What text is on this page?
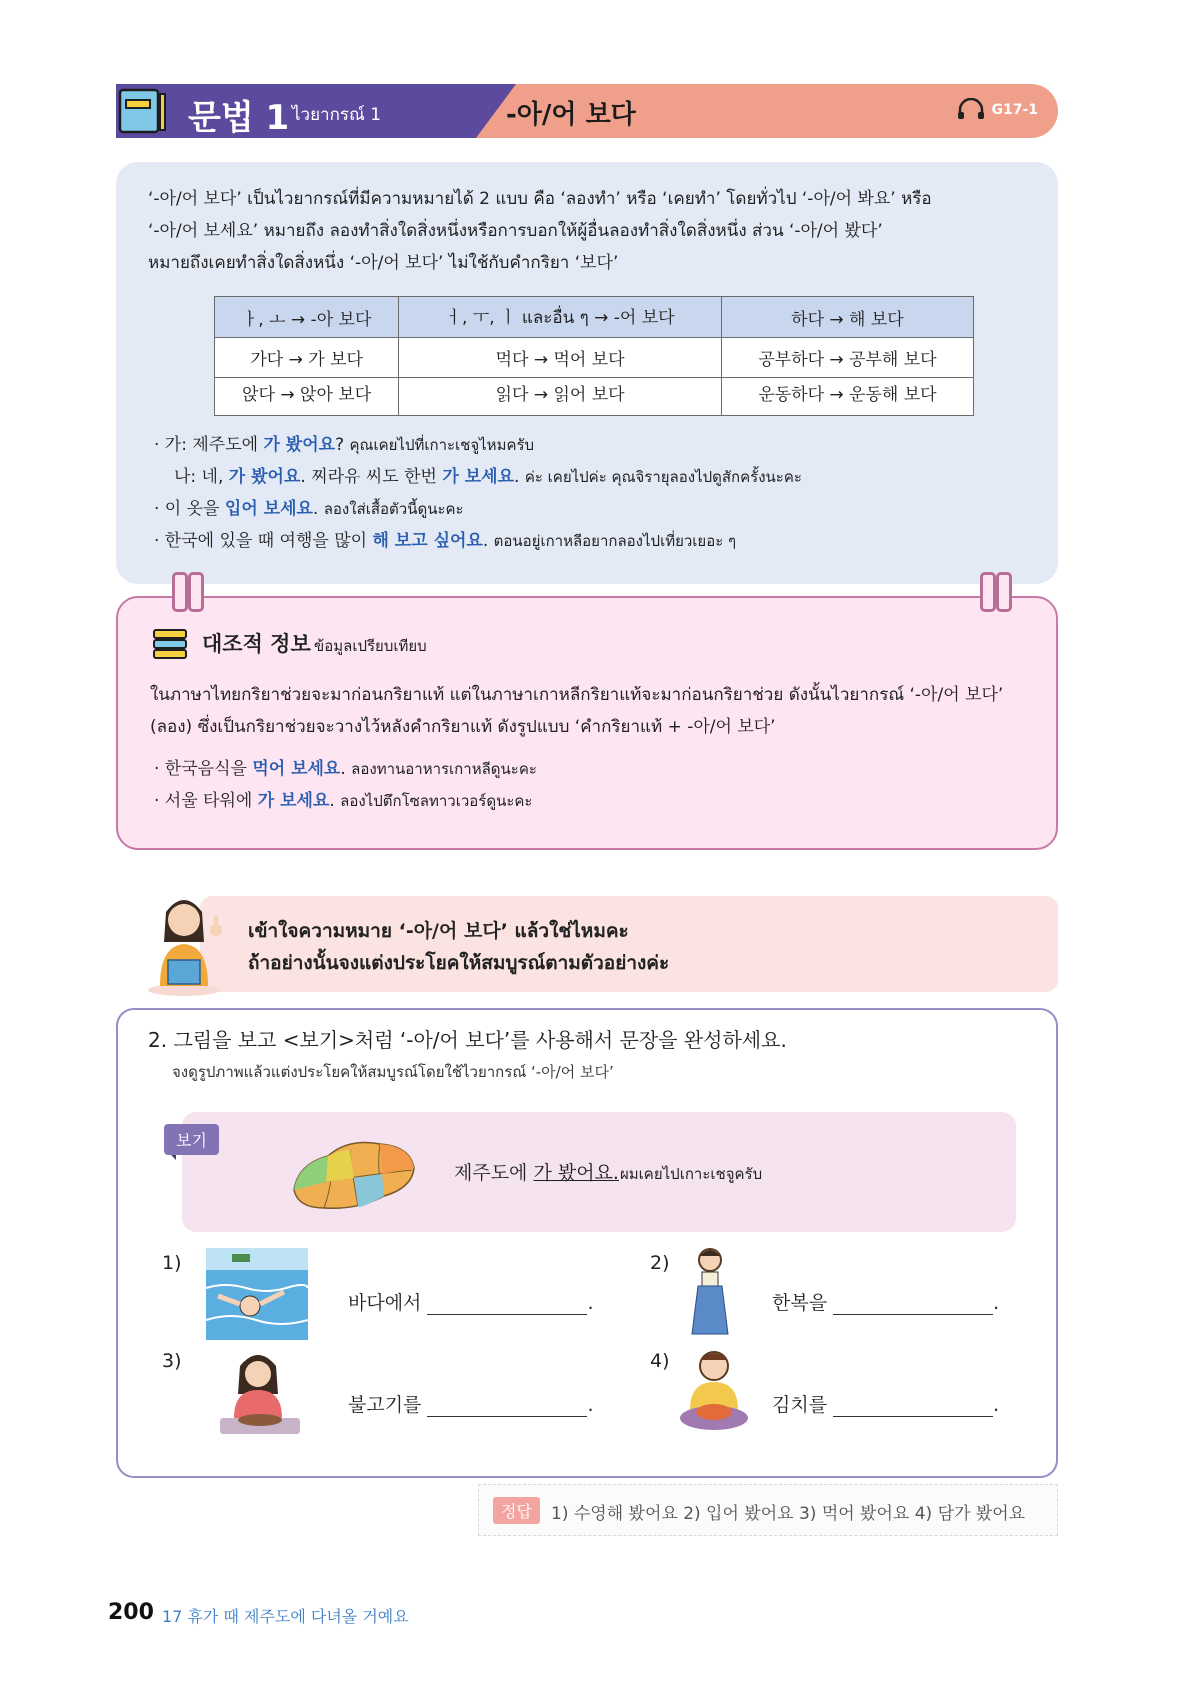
문법 1 ไวยากรณ์ 1	-아/어 보다	G17-1
‘-아/어 보다’ เป็นไวยากรณ์ที่มีความหมายได้ 2 แบบ คือ ‘ลองทำ’ หรือ ‘เคยทำ’ โดยทั่วไป ‘-아/어 봐요’ หรือ
‘-아/어 보세요’ หมายถึง ลองทำสิ่งใดสิ่งหนึ่งหรือการบอกให้ผู้อื่นลองทำสิ่งใดสิ่งหนึ่ง ส่วน ‘-아/어 봤다’
หมายถึงเคยทำสิ่งใดสิ่งหนึ่ง ‘-아/어 보다’ ไม่ใช้กับคำกริยา ‘보다’
ㅏ, ㅗ → -아 보다	ㅓ, ㅜ, ㅣ และอื่น ๆ → -어 보다	하다 → 해 보다
가다 → 가 보다	먹다 → 먹어 보다	공부하다 → 공부해 보다
앉다 → 앉아 보다	읽다 → 읽어 보다	운동하다 → 운동해 보다
· 가: 제주도에 가 봤어요? คุณเคยไปที่เกาะเชจูไหมครับ
나: 네, 가 봤어요. 찌라유 씨도 한번 가 보세요. ค่ะ เคยไปค่ะ คุณจิรายุลองไปดูสักครั้งนะคะ
· 이 옷을 입어 보세요. ลองใส่เสื้อตัวนี้ดูนะคะ
· 한국에 있을 때 여행을 많이 해 보고 싶어요. ตอนอยู่เกาหลีอยากลองไปเที่ยวเยอะ ๆ
대조적 정보 ข้อมูลเปรียบเทียบ
ในภาษาไทยกริยาช่วยจะมาก่อนกริยาแท้ แต่ในภาษาเกาหลีกริยาแท้จะมาก่อนกริยาช่วย ดังนั้นไวยากรณ์ ‘-아/어 보다’
(ลอง) ซึ่งเป็นกริยาช่วยจะวางไว้หลังคำกริยาแท้ ดังรูปแบบ ‘คำกริยาแท้ + -아/어 보다’
· 한국음식을 먹어 보세요. ลองทานอาหารเกาหลีดูนะคะ
· 서울 타워에 가 보세요. ลองไปตึกโซลทาวเวอร์ดูนะคะ
เข้าใจความหมาย ‘-아/어 보다’ แล้วใช่ไหมคะ
ถ้าอย่างนั้นจงแต่งประโยคให้สมบูรณ์ตามตัวอย่างค่ะ
2. 그림을 보고 <보기>처럼 ‘-아/어 보다’를 사용해서 문장을 완성하세요.
จงดูรูปภาพแล้วแต่งประโยคให้สมบูรณ์โดยใช้ไวยากรณ์ ‘-아/어 보다’
보기
제주도에 가 봤어요. ผมเคยไปเกาะเชจูครับ
1)
바다에서	.
2)
한복을	.
3)
불고기를	.
4)
김치를	.
정답	1) 수영해 봤어요 2) 입어 봤어요 3) 먹어 봤어요 4) 담가 봤어요
200 17 휴가 때 제주도에 다녀올 거예요
